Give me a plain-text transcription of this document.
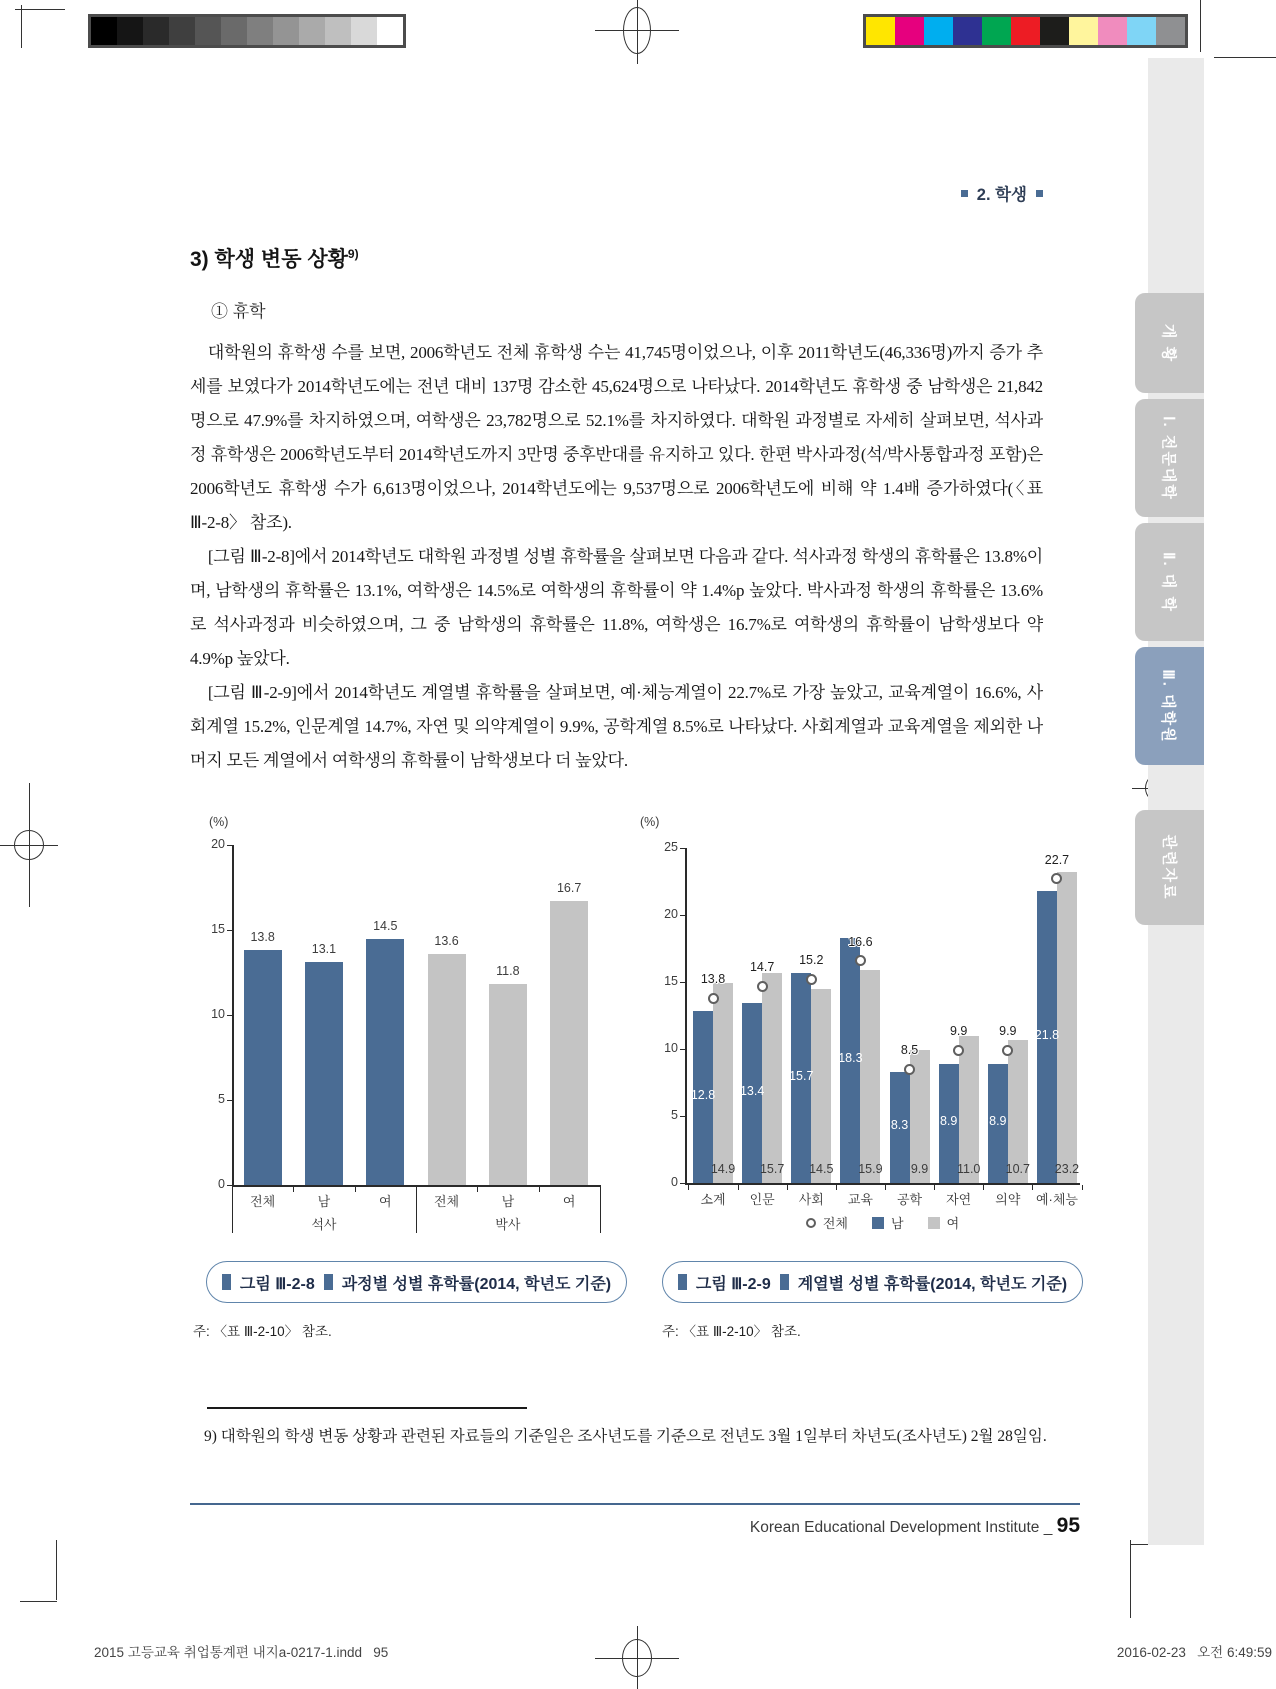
2. 학생
3) 학생 변동 상황$^{9)}$
① 휴학

대학원의 휴학생 수를 보면, 2006학년도 전체 휴학생 수는 41,745명이었으나, 이후 2011학년도(46,336명)까지 증가 추세를 보였다가 2014학년도에는 전년 대비 137명 감소한 45,624명으로 나타났다. 2014학년도 휴학생 중 남학생은 21,842명으로 47.9%를 차지하였으며, 여학생은 23,782명으로 52.1%를 차지하였다. 대학원 과정별로 자세히 살펴보면, 석사과정 휴학생은 2006학년도부터 2014학년도까지 3만명 중후반대를 유지하고 있다. 한편 박사과정(석/박사통합과정 포함)은 2006학년도 휴학생 수가 6,613명이었으나, 2014학년도에는 9,537명으로 2006학년도에 비해 약 1.4배 증가하였다(〈표 Ⅲ-2-8〉 참조).

[그림 Ⅲ-2-8]에서 2014학년도 대학원 과정별 성별 휴학률을 살펴보면 다음과 같다. 석사과정 학생의 휴학률은 13.8%이며, 남학생의 휴학률은 13.1%, 여학생은 14.5%로 여학생의 휴학률이 약 1.4%p 높았다. 박사과정 학생의 휴학률은 13.6%로 석사과정과 비슷하였으며, 그 중 남학생의 휴학률은 11.8%, 여학생은 16.7%로 여학생의 휴학률이 남학생보다 약 4.9%p 높았다.

[그림 Ⅲ-2-9]에서 2014학년도 계열별 휴학률을 살펴보면, 예·체능계열이 22.7%로 가장 높았고, 교육계열이 16.6%, 사회계열 15.2%, 인문계열 14.7%, 자연 및 의약계열이 9.9%, 공학계열 8.5%로 나타났다. 사회계열과 교육계열을 제외한 나머지 모든 계열에서 여학생의 휴학률이 남학생보다 더 높았다.

(%)
0
5
10
15
20
13.8
전체
13.1
남
14.5
여
13.6
전체
11.8
남
16.7
여
석사	박사
(%)
0
5
10
15
20
25
12.8
14.9
13.8
소계
13.4
15.7
14.7
인문
15.7
14.5
15.2
사회
18.3
15.9
16.6
교육
8.3
9.9
8.5
공학
8.9
11.0
9.9
자연
8.9
10.7
9.9
의약
21.8
23.2
22.7
예·체능
전체	남	여
그림 Ⅲ-2-8 과정별 성별 휴학률(2014, 학년도 기준)	그림 Ⅲ-2-9 계열별 성별 휴학률(2014, 학년도 기준)
주: 〈표 Ⅲ-2-10〉 참조.	주: 〈표 Ⅲ-2-10〉 참조.
9) 대학원의 학생 변동 상황과 관련된 자료들의 기준일은 조사년도를 기준으로 전년도 3월 1일부터 차년도(조사년도) 2월 28일임.
Korean Educational Development Institute _ 95
2015 고등교육 취업통계편 내지a-0217-1.indd   95	2016-02-23   오전 6:49:59
개 황
Ⅰ. 전문대학
Ⅱ. 대 학
Ⅲ. 대학원
관련자료
